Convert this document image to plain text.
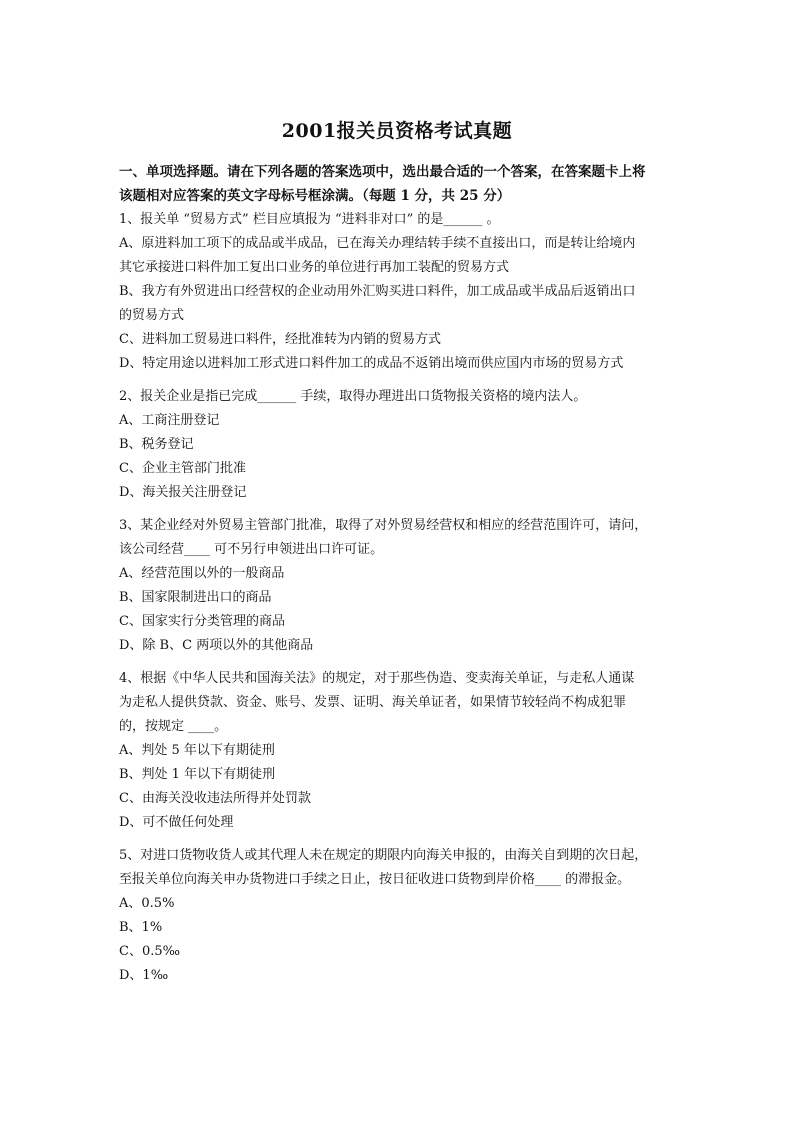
2001报关员资格考试真题
一、单项选择题。请在下列各题的答案选项中，选出最合适的一个答案，在答案题卡上将
该题相对应答案的英文字母标号框涂满。（每题 1 分，共 25 分）
1、报关单 “贸易方式” 栏目应填报为 “进料非对口” 的是______ 。
A、原进料加工项下的成品或半成品，已在海关办理结转手续不直接出口，而是转让给境内
其它承接进口料件加工复出口业务的单位进行再加工装配的贸易方式
B、我方有外贸进出口经营权的企业动用外汇购买进口料件，加工成品或半成品后返销出口
的贸易方式
C、进料加工贸易进口料件，经批准转为内销的贸易方式
D、特定用途以进料加工形式进口料件加工的成品不返销出境而供应国内市场的贸易方式
2、报关企业是指已完成______ 手续，取得办理进出口货物报关资格的境内法人。
A、工商注册登记
B、税务登记
C、企业主管部门批准
D、海关报关注册登记
3、某企业经对外贸易主管部门批准，取得了对外贸易经营权和相应的经营范围许可，请问，
该公司经营____ 可不另行申领进出口许可证。
A、经营范围以外的一般商品
B、国家限制进出口的商品
C、国家实行分类管理的商品
D、除 B、C 两项以外的其他商品
4、根据《中华人民共和国海关法》的规定，对于那些伪造、变卖海关单证，与走私人通谋
为走私人提供贷款、资金、账号、发票、证明、海关单证者，如果情节较轻尚不构成犯罪
的，按规定 ____。
A、判处 5 年以下有期徒刑
B、判处 1 年以下有期徒刑
C、由海关没收违法所得并处罚款
D、可不做任何处理
5、对进口货物收货人或其代理人未在规定的期限内向海关申报的，由海关自到期的次日起，
至报关单位向海关申办货物进口手续之日止，按日征收进口货物到岸价格____ 的滞报金。
A、0.5%
B、1%
C、0.5‰
D、1‰
